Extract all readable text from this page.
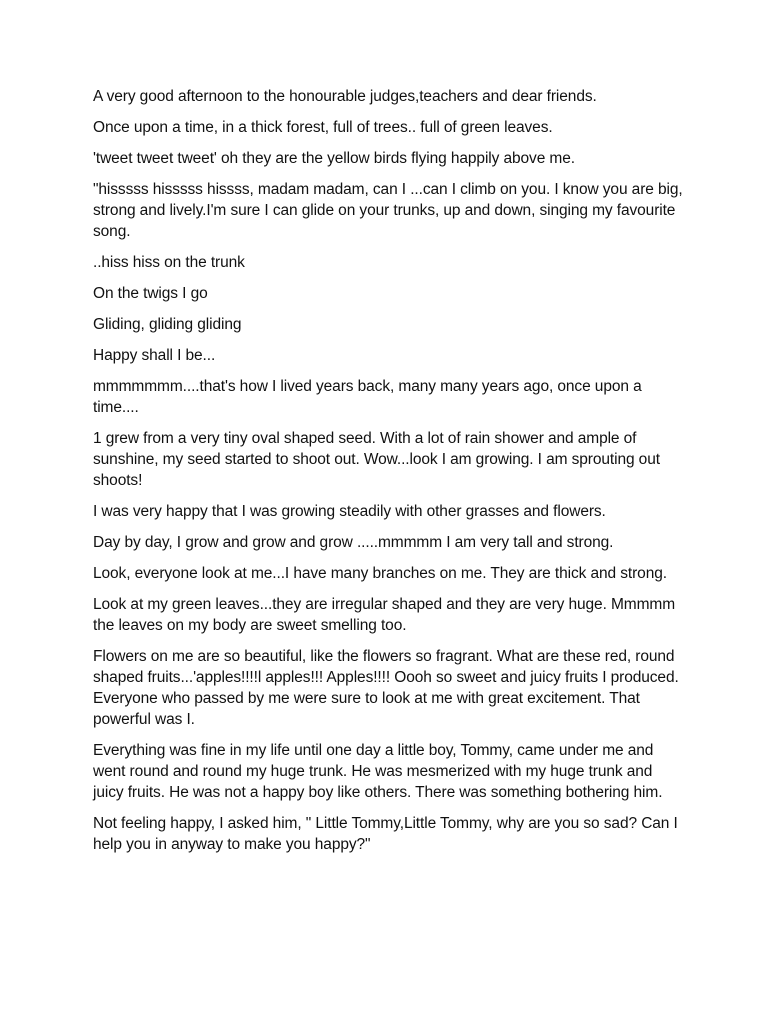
A very good afternoon to the honourable judges,teachers and dear friends.

Once upon a time, in a thick forest, full of trees.. full of green leaves.

'tweet tweet tweet' oh they are the yellow birds flying happily above me.

"hisssss hisssss hissss, madam madam, can I ...can I climb on you. I know you are big, strong and lively.I'm sure I can glide on your trunks, up and down, singing my favourite song.

..hiss hiss on the trunk

On the twigs I go

Gliding, gliding gliding

Happy shall I be...

mmmmmmm....that's how I lived years back, many many years ago, once upon a time....

1 grew from a very tiny oval shaped seed. With a lot of rain shower and ample of sunshine, my seed started to shoot out. Wow...look I am growing. I am sprouting out shoots!

I was very happy that I was growing steadily with other grasses and flowers.

Day by day, I grow and grow and grow .....mmmmm I am very tall and strong.

Look, everyone look at me...I have many branches on me. They are thick and strong.

Look at my green leaves...they are irregular shaped and they are very huge. Mmmmm the leaves on my body are sweet smelling too.

Flowers on me are so beautiful, like the flowers so fragrant. What are these red, round shaped fruits...'apples!!!!l apples!!! Apples!!!! Oooh so sweet and juicy fruits I produced. Everyone who passed by me were sure to look at me with great excitement. That powerful was I.

Everything was fine in my life until one day a little boy, Tommy, came under me and went round and round my huge trunk. He was mesmerized with my huge trunk and juicy fruits. He was not a happy boy like others. There was something bothering him.

Not feeling happy, I asked him, " Little Tommy,Little Tommy, why are you so sad? Can I help you in anyway to make you happy?"
